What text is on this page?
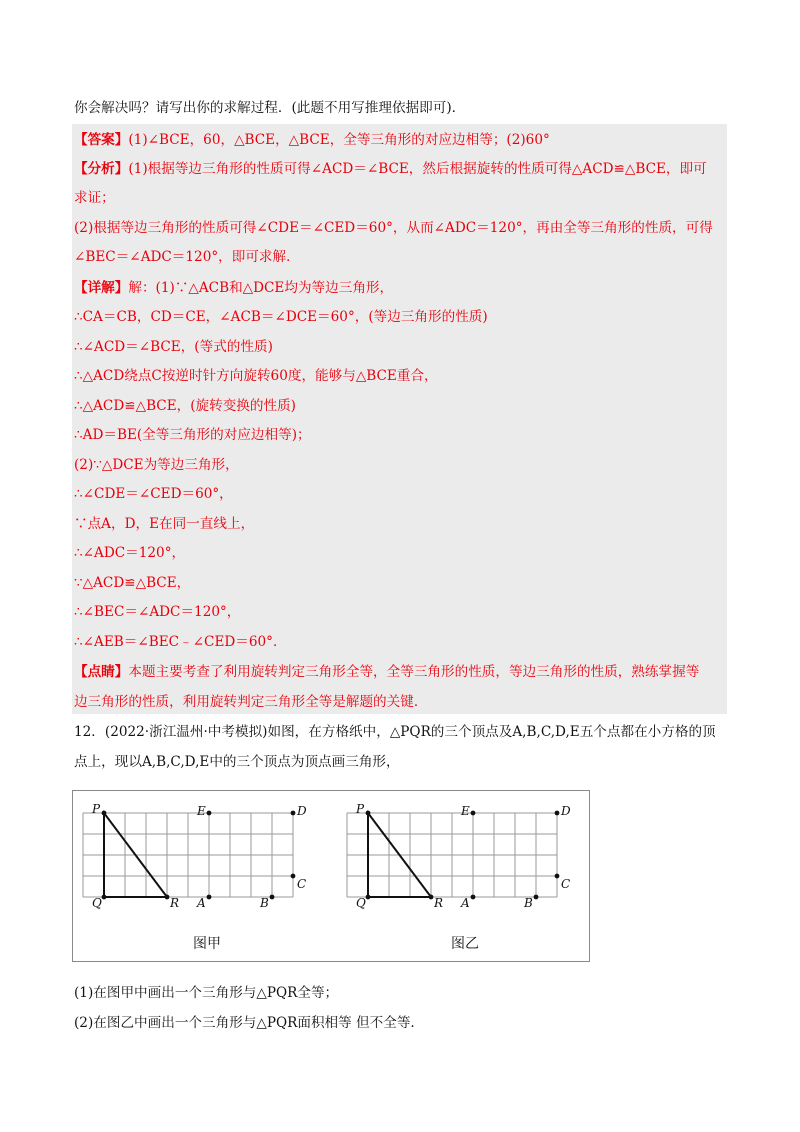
你会解决吗？请写出你的求解过程．(此题不用写推理依据即可)．
【答案】(1)∠BCE，60，△BCE，△BCE，全等三角形的对应边相等；(2)60°
【分析】(1)根据等边三角形的性质可得∠ACD＝∠BCE，然后根据旋转的性质可得△ACD≌△BCE，即可
求证；
(2)根据等边三角形的性质可得∠CDE＝∠CED＝60°，从而∠ADC＝120°，再由全等三角形的性质，可得
∠BEC＝∠ADC＝120°，即可求解．
【详解】解：(1)∵△ACB和△DCE均为等边三角形，
∴CA＝CB，CD＝CE，∠ACB＝∠DCE＝60°，(等边三角形的性质)
∴∠ACD＝∠BCE，(等式的性质)
∴△ACD绕点C按逆时针方向旋转60度，能够与△BCE重合，
∴△ACD≌△BCE，(旋转变换的性质)
∴AD＝BE(全等三角形的对应边相等)；
(2)∵△DCE为等边三角形，
∴∠CDE＝∠CED＝60°，
∵点A，D，E在同一直线上，
∴∠ADC＝120°，
∵△ACD≌△BCE，
∴∠BEC＝∠ADC＝120°，
∴∠AEB＝∠BEC﹣∠CED＝60°．
【点睛】本题主要考查了利用旋转判定三角形全等，全等三角形的性质，等边三角形的性质，熟练掌握等
边三角形的性质，利用旋转判定三角形全等是解题的关键．
12．(2022·浙江温州·中考模拟)如图，在方格纸中，△PQR的三个顶点及A,B,C,D,E五个点都在小方格的顶
点上，现以A,B,C,D,E中的三个顶点为顶点画三角形，
P
Q	R A	B
C
D
E	P
Q	R A	B
C
D
E
图甲	图乙
(1)在图甲中画出一个三角形与△PQR全等；
(2)在图乙中画出一个三角形与△PQR面积相等 但不全等.
